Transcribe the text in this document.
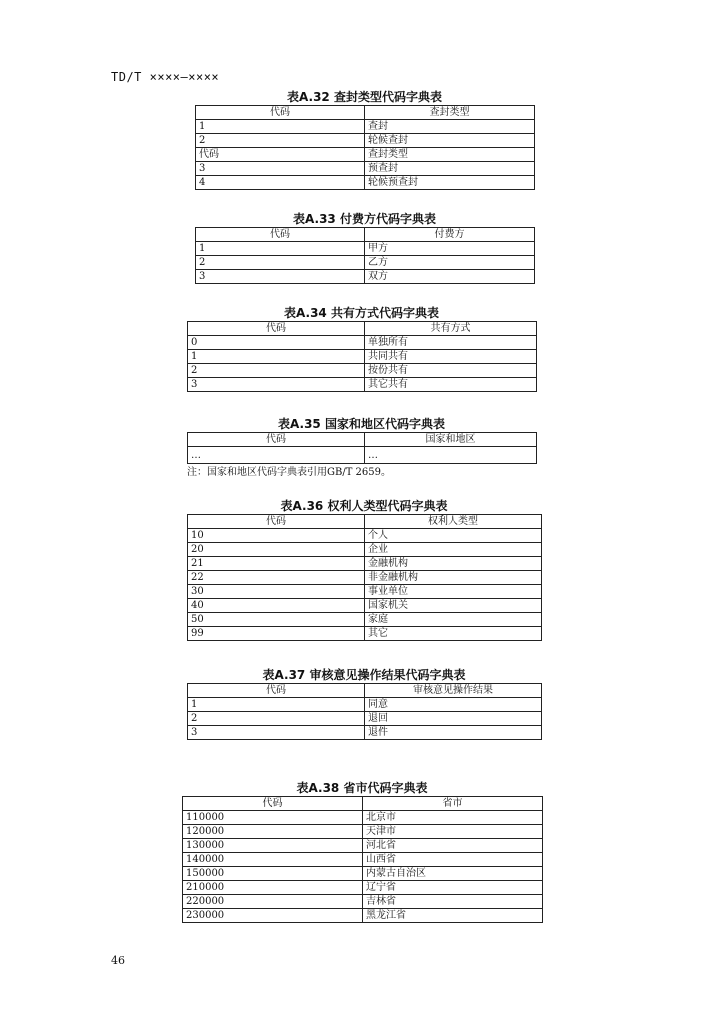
TD/T ××××—××××
表A.32 查封类型代码字典表
代码	查封类型
1	查封
2	轮候查封
代码	查封类型
3	预查封
4	轮候预查封
表A.33 付费方代码字典表
代码	付费方
1	甲方
2	乙方
3	双方
表A.34 共有方式代码字典表
代码	共有方式
0	单独所有
1	共同共有
2	按份共有
3	其它共有
表A.35 国家和地区代码字典表
代码	国家和地区
…	…
注：国家和地区代码字典表引用GB/T 2659。
表A.36 权利人类型代码字典表
代码	权利人类型
10	个人
20	企业
21	金融机构
22	非金融机构
30	事业单位
40	国家机关
50	家庭
99	其它
表A.37 审核意见操作结果代码字典表
代码	审核意见操作结果
1	同意
2	退回
3	退件
表A.38 省市代码字典表
代码	省市
110000	北京市
120000	天津市
130000	河北省
140000	山西省
150000	内蒙古自治区
210000	辽宁省
220000	吉林省
230000	黑龙江省
46
